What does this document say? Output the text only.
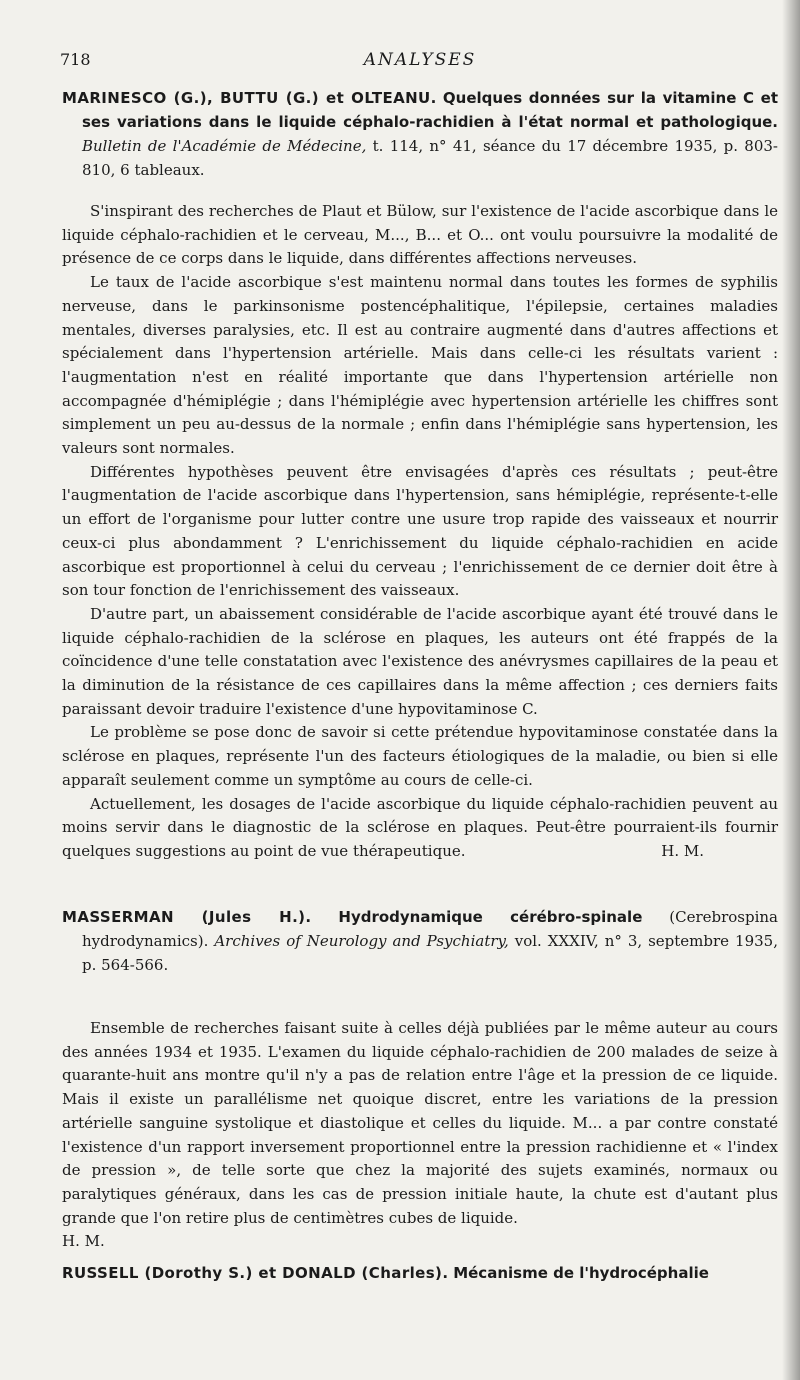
718	ANALYSES
MARINESCO (G.), BUTTU (G.) et OLTEANU. Quelques données sur la vitamine C et ses variations dans le liquide céphalo-rachidien à l'état normal et pathologique. Bulletin de l'Académie de Médecine, t. 114, n° 41, séance du 17 décembre 1935, p. 803-810, 6 tableaux.

S'inspirant des recherches de Plaut et Bülow, sur l'existence de l'acide ascorbique dans le liquide céphalo-rachidien et le cerveau, M..., B... et O... ont voulu poursuivre la modalité de présence de ce corps dans le liquide, dans différentes affections nerveuses.

Le taux de l'acide ascorbique s'est maintenu normal dans toutes les formes de syphilis nerveuse, dans le parkinsonisme postencéphalitique, l'épilepsie, certaines maladies mentales, diverses paralysies, etc. Il est au contraire augmenté dans d'autres affections et spécialement dans l'hypertension artérielle. Mais dans celle-ci les résultats varient : l'augmentation n'est en réalité importante que dans l'hypertension artérielle non accompagnée d'hémiplégie ; dans l'hémiplégie avec hypertension artérielle les chiffres sont simplement un peu au-dessus de la normale ; enfin dans l'hémiplégie sans hypertension, les valeurs sont normales.

Différentes hypothèses peuvent être envisagées d'après ces résultats ; peut-être l'augmentation de l'acide ascorbique dans l'hypertension, sans hémiplégie, représente-t-elle un effort de l'organisme pour lutter contre une usure trop rapide des vaisseaux et nourrir ceux-ci plus abondamment ? L'enrichissement du liquide céphalo-rachidien en acide ascorbique est proportionnel à celui du cerveau ; l'enrichissement de ce dernier doit être à son tour fonction de l'enrichissement des vaisseaux.

D'autre part, un abaissement considérable de l'acide ascorbique ayant été trouvé dans le liquide céphalo-rachidien de la sclérose en plaques, les auteurs ont été frappés de la coïncidence d'une telle constatation avec l'existence des anévrysmes capillaires de la peau et la diminution de la résistance de ces capillaires dans la même affection ; ces derniers faits paraissant devoir traduire l'existence d'une hypovitaminose C.

Le problème se pose donc de savoir si cette prétendue hypovitaminose constatée dans la sclérose en plaques, représente l'un des facteurs étiologiques de la maladie, ou bien si elle apparaît seulement comme un symptôme au cours de celle-ci.

Actuellement, les dosages de l'acide ascorbique du liquide céphalo-rachidien peuvent au moins servir dans le diagnostic de la sclérose en plaques. Peut-être pourraient-ils fournir quelques suggestions au point de vue thérapeutique.	H. M.

MASSERMAN (Jules H.). Hydrodynamique cérébro-spinale (Cerebrospina hydrodynamics). Archives of Neurology and Psychiatry, vol. XXXIV, n° 3, septembre 1935, p. 564-566.

Ensemble de recherches faisant suite à celles déjà publiées par le même auteur au cours des années 1934 et 1935. L'examen du liquide céphalo-rachidien de 200 malades de seize à quarante-huit ans montre qu'il n'y a pas de relation entre l'âge et la pression de ce liquide. Mais il existe un parallélisme net quoique discret, entre les variations de la pression artérielle sanguine systolique et diastolique et celles du liquide. M... a par contre constaté l'existence d'un rapport inversement proportionnel entre la pression rachidienne et « l'index de pression », de telle sorte que chez la majorité des sujets examinés, normaux ou paralytiques généraux, dans les cas de pression initiale haute, la chute est d'autant plus grande que l'on retire plus de centimètres cubes de liquide.

H. M.

RUSSELL (Dorothy S.) et DONALD (Charles). Mécanisme de l'hydrocéphalie
